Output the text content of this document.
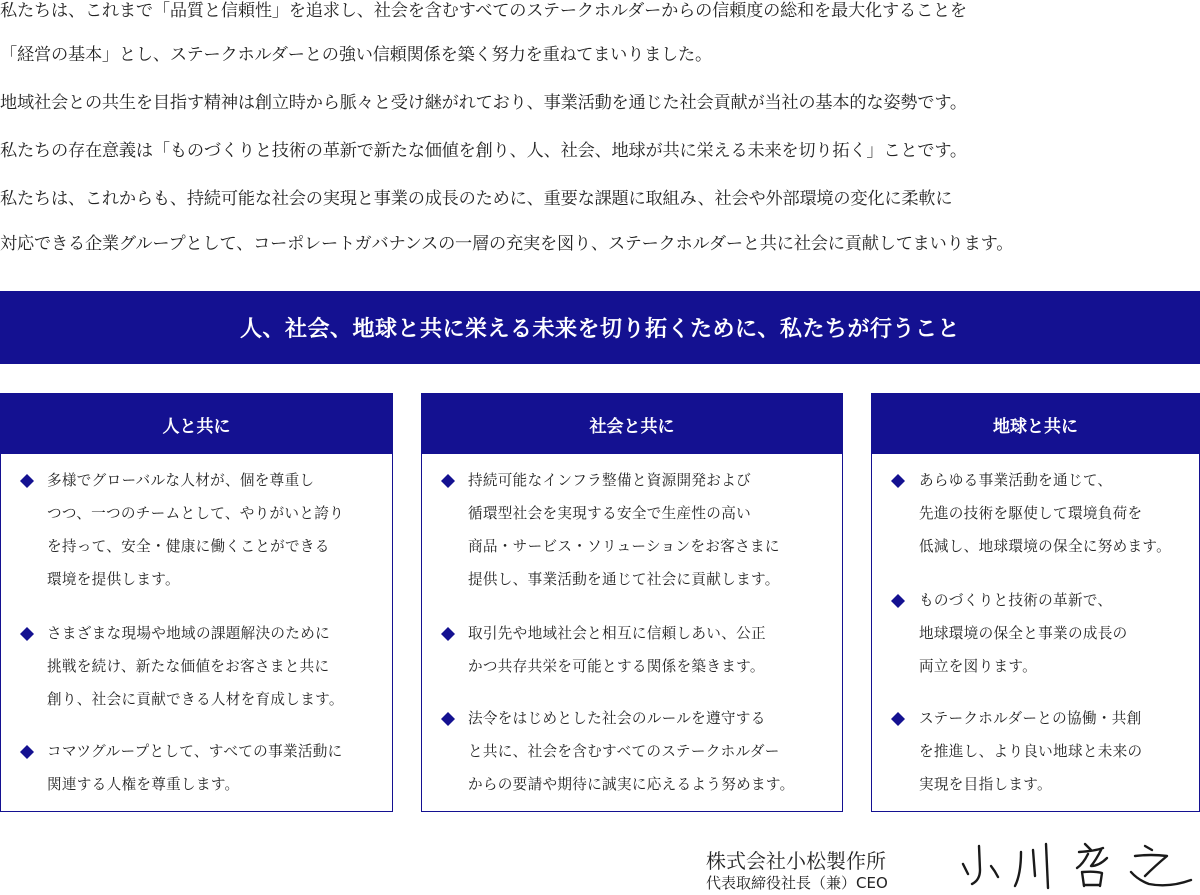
私たちは、これまで「品質と信頼性」を追求し、社会を含むすべてのステークホルダーからの信頼度の総和を最大化することを
「経営の基本」とし、ステークホルダーとの強い信頼関係を築く努力を重ねてまいりました。
地域社会との共生を目指す精神は創立時から脈々と受け継がれており、事業活動を通じた社会貢献が当社の基本的な姿勢です。
私たちの存在意義は「ものづくりと技術の革新で新たな価値を創り、人、社会、地球が共に栄える未来を切り拓く」ことです。
私たちは、これからも、持続可能な社会の実現と事業の成長のために、重要な課題に取組み、社会や外部環境の変化に柔軟に
対応できる企業グループとして、コーポレートガバナンスの一層の充実を図り、ステークホルダーと共に社会に貢献してまいります。
人、社会、地球と共に栄える未来を切り拓くために、私たちが行うこと
人と共に
多様でグローバルな人材が、個を尊重し
つつ、一つのチームとして、やりがいと誇り
を持って、安全・健康に働くことができる
環境を提供します。
さまざまな現場や地域の課題解決のために
挑戦を続け、新たな価値をお客さまと共に
創り、社会に貢献できる人材を育成します。
コマツグループとして、すべての事業活動に
関連する人権を尊重します。
社会と共に
持続可能なインフラ整備と資源開発および
循環型社会を実現する安全で生産性の高い
商品・サービス・ソリューションをお客さまに
提供し、事業活動を通じて社会に貢献します。
取引先や地域社会と相互に信頼しあい、公正
かつ共存共栄を可能とする関係を築きます。
法令をはじめとした社会のルールを遵守する
と共に、社会を含むすべてのステークホルダー
からの要請や期待に誠実に応えるよう努めます。
地球と共に
あらゆる事業活動を通じて、
先進の技術を駆使して環境負荷を
低減し、地球環境の保全に努めます。
ものづくりと技術の革新で、
地球環境の保全と事業の成長の
両立を図ります。
ステークホルダーとの協働・共創
を推進し、より良い地球と未来の
実現を目指します。
株式会社小松製作所
代表取締役社長（兼）CEO
